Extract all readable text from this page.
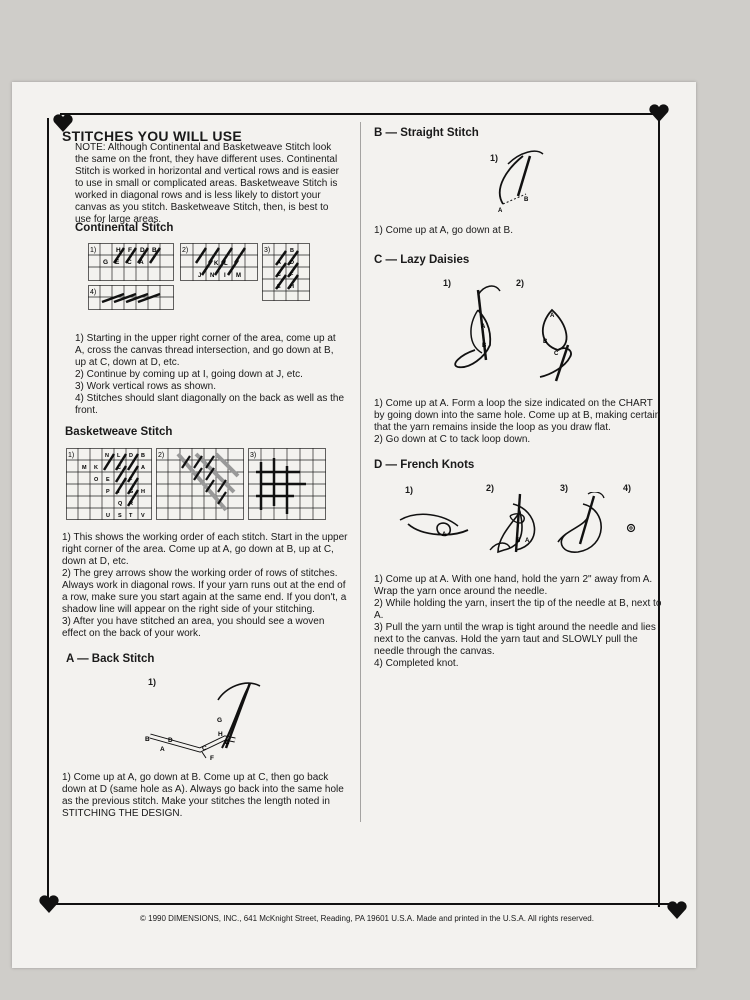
STITCHES YOU WILL USE

NOTE: Although Continental and Basketweave Stitch look the same on the front, they have different uses. Continental Stitch is worked in horizontal and vertical rows and is easier to use in small or complicated areas. Basketweave Stitch is worked in diagonal rows and is less likely to distort your canvas as you stitch. Basketweave Stitch, then, is best to use for large areas.

Continental Stitch
1)	H F D B
G E C A
2)
J N
L
K
I M
3)	B
A D
C F
E H
4)

1) Starting in the upper right corner of the area, come up at A, cross the canvas thread intersection, and go down at B, up at C, down at D, etc.

2) Continue by coming up at I, going down at J, etc.

3) Work vertical rows as shown.

4) Stitches should slant diagonally on the back as well as the front.

Basketweave Stitch
1)	N L D B
M K	C	A
O E	F
P I G H
Q R
S T
U	V
2)	3)

1) This shows the working order of each stitch. Start in the upper right corner of the area. Come up at A, go down at B, up at C, down at D, etc.

2) The grey arrows show the working order of rows of stitches. Always work in diagonal rows. If your yarn runs out at the end of a row, make sure you start again at the same end. If you don't, a shadow line will appear on the right side of your stitching.

3) After you have stitched an area, you should see a woven effect on the back of your work.

A — Back Stitch
1)
B	D
A	C
E
F
G
H

1) Come up at A, go down at B. Come up at C, then go back down at D (same hole as A). Always go back into the same hole as the previous stitch. Make your stitches the length noted in STITCHING THE DESIGN.

B — Straight Stitch
1)
A
B

1) Come up at A, go down at B.

C — Lazy Daisies
1)	2)
A
B
A
B
C

1) Come up at A. Form a loop the size indicated on the CHART by going down into the same hole. Come up at B, making certain that the yarn remains inside the loop as you draw flat.

2) Go down at C to tack loop down.

D — French Knots
1)	2)	3)	4)
A
B A

1) Come up at A. With one hand, hold the yarn 2" away from A. Wrap the yarn once around the needle.

2) While holding the yarn, insert the tip of the needle at B, next to A.

3) Pull the yarn until the wrap is tight around the needle and lies next to the canvas. Hold the yarn taut and SLOWLY pull the needle through the canvas.

4) Completed knot.

© 1990 DIMENSIONS, INC., 641 McKnight Street, Reading, PA 19601 U.S.A. Made and printed in the U.S.A. All rights reserved.
